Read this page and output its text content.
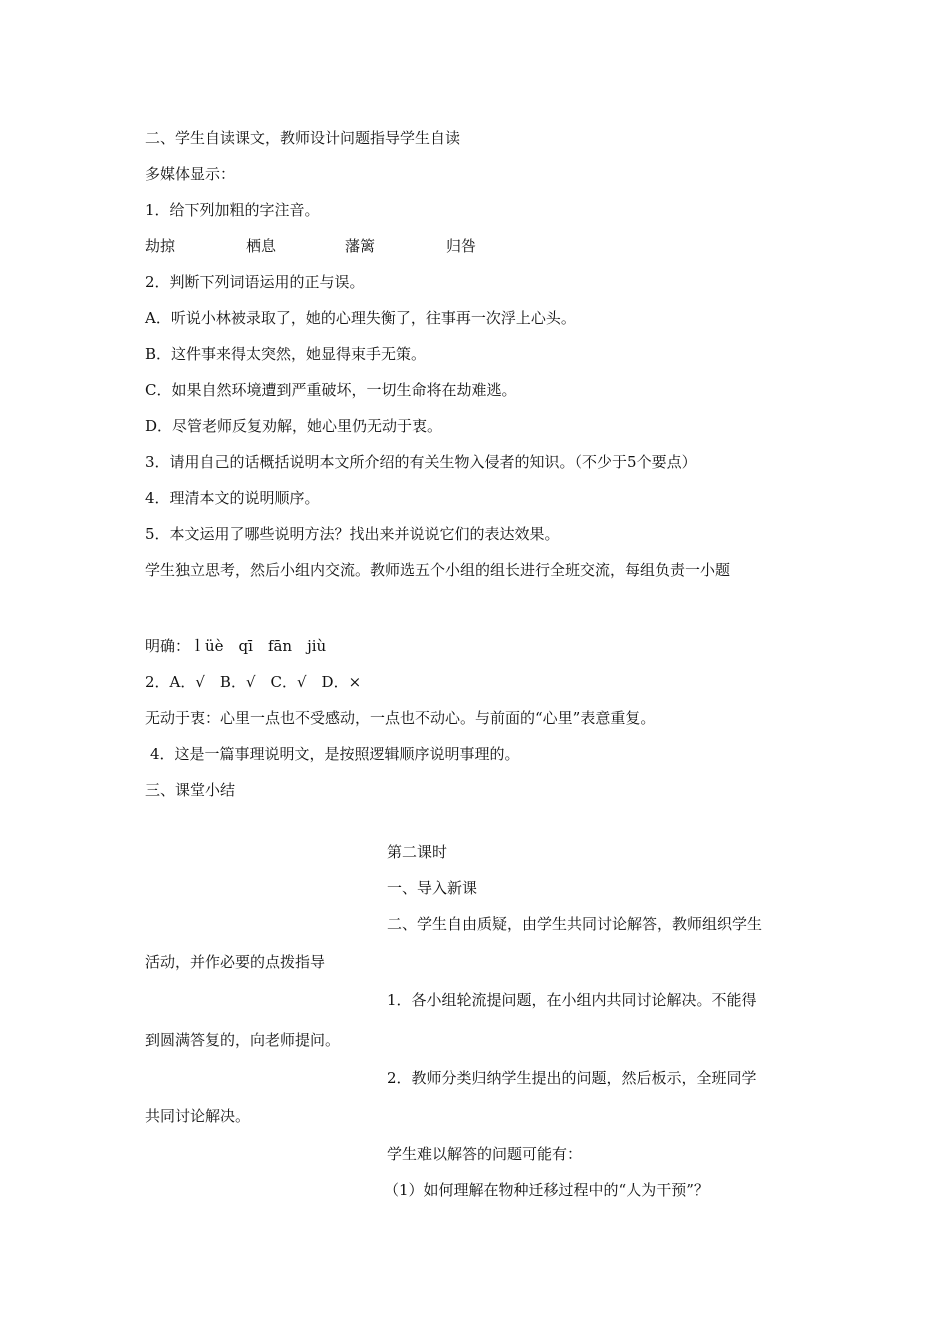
二、学生自读课文，教师设计问题指导学生自读
多媒体显示：
1．给下列加粗的字注音。
劫掠	栖息	藩篱	归咎
2．判断下列词语运用的正与误。
A．听说小林被录取了，她的心理失衡了，往事再一次浮上心头。
B．这件事来得太突然，她显得束手无策。
C．如果自然环境遭到严重破坏，一切生命将在劫难逃。
D．尽管老师反复劝解，她心里仍无动于衷。
3．请用自己的话概括说明本文所介绍的有关生物入侵者的知识。（不少于5个要点）
4．理清本文的说明顺序。
5．本文运用了哪些说明方法？找出来并说说它们的表达效果。
学生独立思考，然后小组内交流。教师选五个小组的组长进行全班交流，每组负责一小题
明确：ｌüè　qī　fān　jiù
2．A．√　B．√　C．√　D．×
无动于衷：心里一点也不受感动，一点也不动心。与前面的“心里”表意重复。
4．这是一篇事理说明文，是按照逻辑顺序说明事理的。
三、课堂小结
第二课时
一、导入新课
二、学生自由质疑，由学生共同讨论解答，教师组织学生
活动，并作必要的点拨指导
1．各小组轮流提问题，在小组内共同讨论解决。不能得
到圆满答复的，向老师提问。
2．教师分类归纳学生提出的问题，然后板示，全班同学
共同讨论解决。
学生难以解答的问题可能有：
（1）如何理解在物种迁移过程中的“人为干预”？
